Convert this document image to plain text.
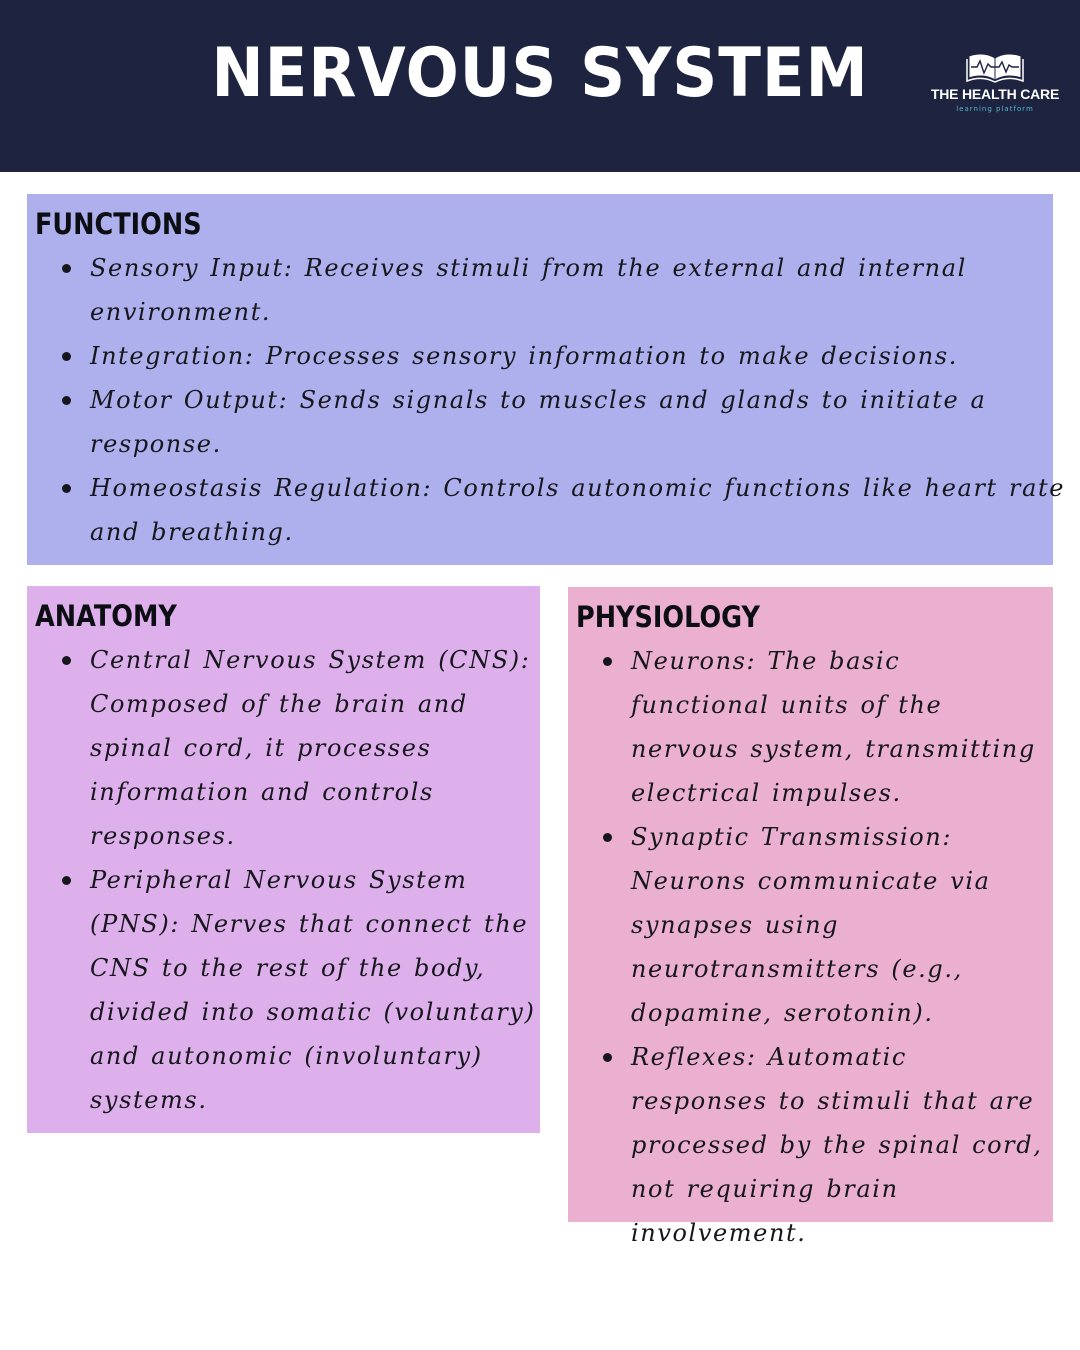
NERVOUS SYSTEM	THE HEALTH CARE
learning platform
FUNCTIONS
Sensory Input: Receives stimuli from the external and internal environment.
Integration: Processes sensory information to make decisions.
Motor Output: Sends signals to muscles and glands to initiate a response.
Homeostasis Regulation: Controls autonomic functions like heart rate and breathing.
ANATOMY
Central Nervous System (CNS): Composed of the brain and spinal cord, it processes information and controls responses.
Peripheral Nervous System (PNS): Nerves that connect the CNS to the rest of the body, divided into somatic (voluntary) and autonomic (involuntary) systems.
PHYSIOLOGY
Neurons: The basic functional units of the nervous system, transmitting electrical impulses.
Synaptic Transmission: Neurons communicate via synapses using neurotransmitters (e.g., dopamine, serotonin).
Reflexes: Automatic responses to stimuli that are processed by the spinal cord, not requiring brain involvement.
